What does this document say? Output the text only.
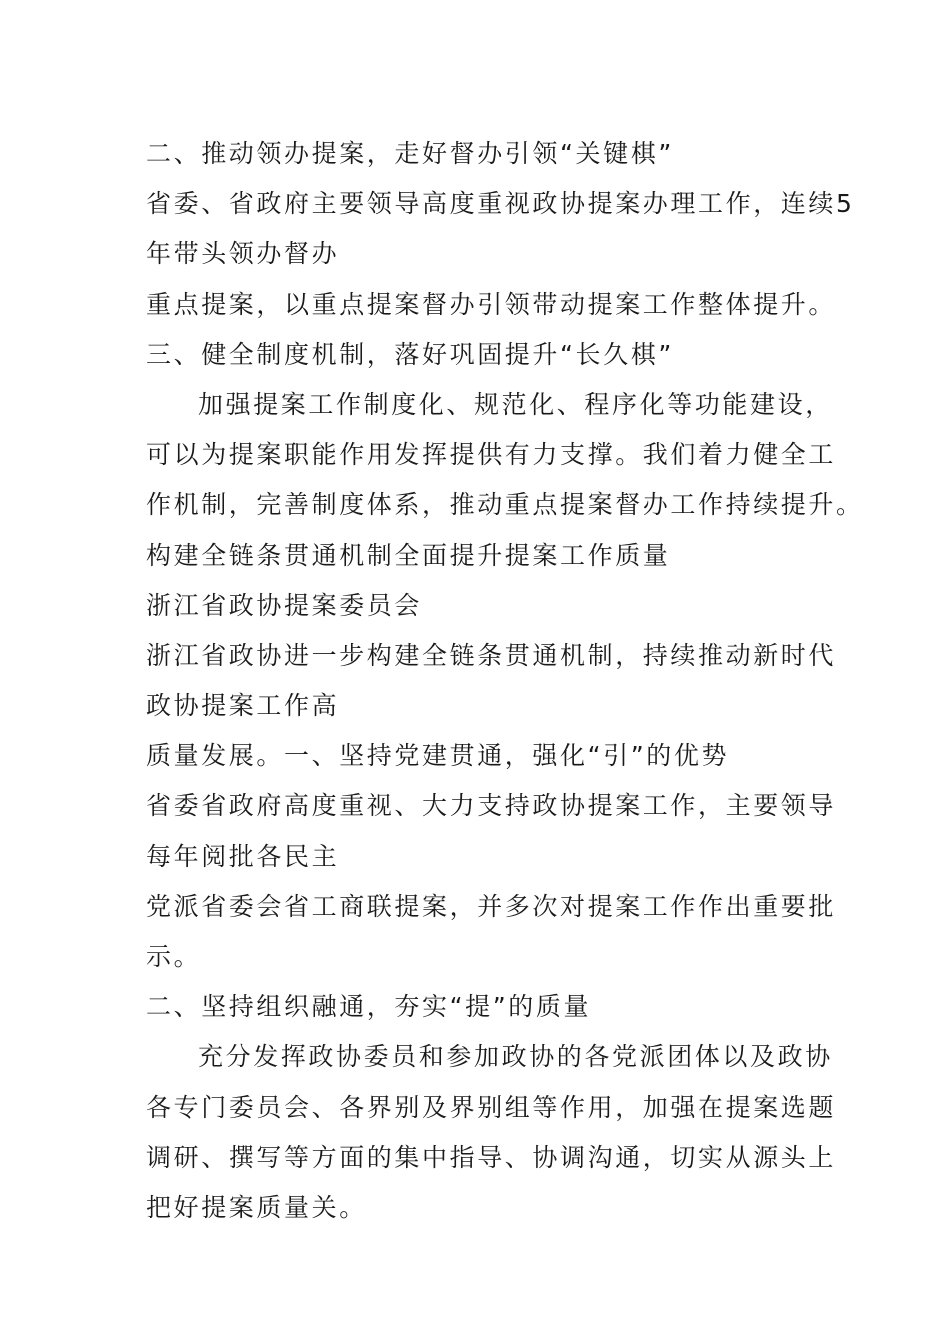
二、推动领办提案，走好督办引领“关键棋”

省委、省政府主要领导高度重视政协提案办理工作，连续5

年带头领办督办

重点提案，以重点提案督办引领带动提案工作整体提升。

三、健全制度机制，落好巩固提升“长久棋”

加强提案工作制度化、规范化、程序化等功能建设，

可以为提案职能作用发挥提供有力支撑。我们着力健全工

作机制，完善制度体系，推动重点提案督办工作持续提升。

构建全链条贯通机制全面提升提案工作质量

浙江省政协提案委员会

浙江省政协进一步构建全链条贯通机制，持续推动新时代

政协提案工作高

质量发展。一、坚持党建贯通，强化“引”的优势

省委省政府高度重视、大力支持政协提案工作，主要领导

每年阅批各民主

党派省委会省工商联提案，并多次对提案工作作出重要批

示。

二、坚持组织融通，夯实“提”的质量

充分发挥政协委员和参加政协的各党派团体以及政协

各专门委员会、各界别及界别组等作用，加强在提案选题

调研、撰写等方面的集中指导、协调沟通，切实从源头上

把好提案质量关。
